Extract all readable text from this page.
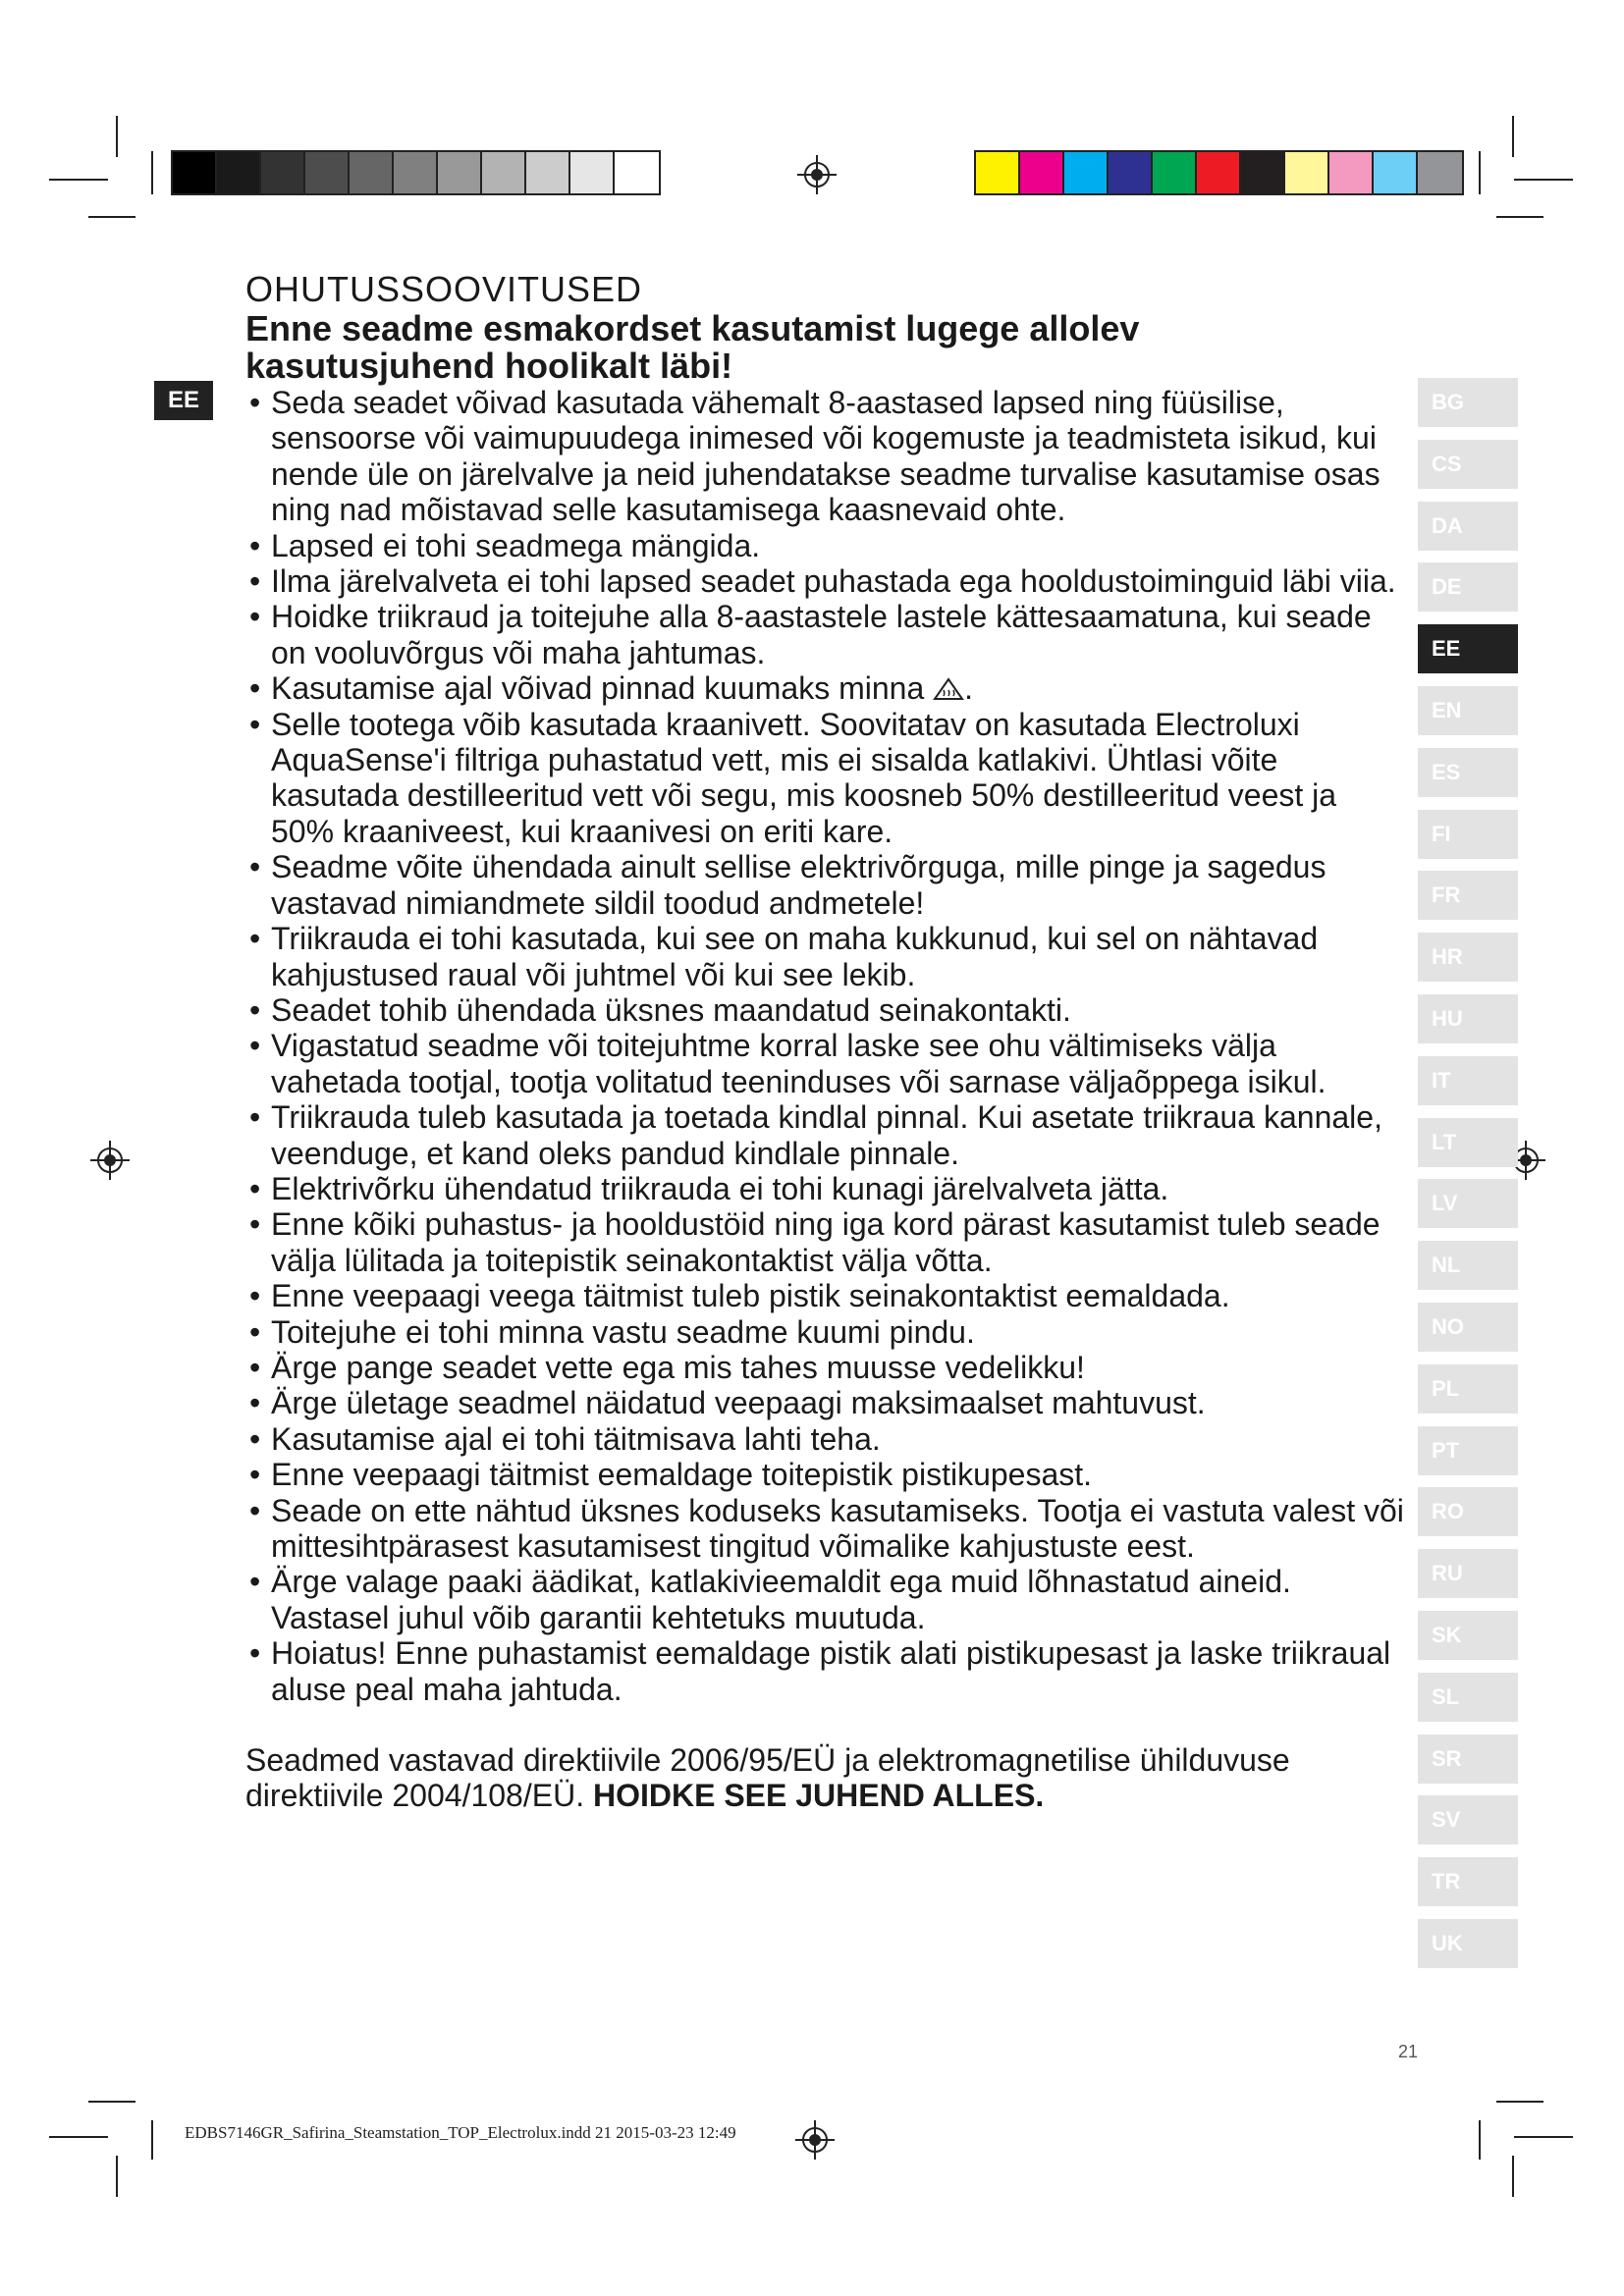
OHUTUSSOOVITUSED
Enne seadme esmakordset kasutamist lugege allolev kasutusjuhend hoolikalt läbi!
EE
•	Seda seadet võivad kasutada vähemalt 8-aastased lapsed ning füüsilise, sensoorse või vaimupuudega inimesed või kogemuste ja teadmisteta isikud, kui nende üle on järelvalve ja neid juhendatakse seadme turvalise kasutamise osas ning nad mõistavad selle kasutamisega kaasnevaid ohte.
• Lapsed ei tohi seadmega mängida.
• Ilma järelvalveta ei tohi lapsed seadet puhastada ega hooldustoiminguid läbi viia.
• Hoidke triikraud ja toitejuhe alla 8-aastastele lastele kättesaamatuna, kui seade on vooluvõrgus või maha jahtumas.
• Kasutamise ajal võivad pinnad kuumaks minna .
• Selle tootega võib kasutada kraanivett. Soovitatav on kasutada Electroluxi AquaSense'i filtriga puhastatud vett, mis ei sisalda katlakivi. Ühtlasi võite kasutada destilleeritud vett või segu, mis koosneb 50% destilleeritud veest ja 50% kraaniveest, kui kraanivesi on eriti kare.
• Seadme võite ühendada ainult sellise elektrivõrguga, mille pinge ja sagedus vastavad nimiandmete sildil toodud andmetele!
• Triikrauda ei tohi kasutada, kui see on maha kukkunud, kui sel on nähtavad kahjustused raual või juhtmel või kui see lekib.
• Seadet tohib ühendada üksnes maandatud seinakontakti.
• Vigastatud seadme või toitejuhtme korral laske see ohu vältimiseks välja vahetada tootjal, tootja volitatud teeninduses või sarnase väljaõppega isikul.
• Triikrauda tuleb kasutada ja toetada kindlal pinnal. Kui asetate triikraua kannale, veenduge, et kand oleks pandud kindlale pinnale.
• Elektrivõrku ühendatud triikrauda ei tohi kunagi järelvalveta jätta.
• Enne kõiki puhastus- ja hooldustöid ning iga kord pärast kasutamist tuleb seade välja lülitada ja toitepistik seinakontaktist välja võtta.
• Enne veepaagi veega täitmist tuleb pistik seinakontaktist eemaldada.
• Toitejuhe ei tohi minna vastu seadme kuumi pindu.
• Ärge pange seadet vette ega mis tahes muusse vedelikku!
• Ärge ületage seadmel näidatud veepaagi maksimaalset mahtuvust.
• Kasutamise ajal ei tohi täitmisava lahti teha.
• Enne veepaagi täitmist eemaldage toitepistik pistikupesast.
• Seade on ette nähtud üksnes koduseks kasutamiseks. Tootja ei vastuta valest või mittesihtpärasest kasutamisest tingitud võimalike kahjustuste eest.
• Ärge valage paaki äädikat, katlakivieemaldit ega muid lõhnastatud aineid. Vastasel juhul võib garantii kehtetuks muutuda.
• Hoiatus! Enne puhastamist eemaldage pistik alati pistikupesast ja laske triikraual aluse peal maha jahtuda.
Seadmed vastavad direktiivile 2006/95/EÜ ja elektromagnetilise ühilduvuse direktiivile 2004/108/EÜ. HOIDKE SEE JUHEND ALLES.
BG
CS
DA
DE
EE
EN
ES
FI
FR
HR
HU
IT
LT
LV
NL
NO
PL
PT
RO
RU
SK
SL
SR
SV
TR
UK
21
EDBS7146GR_Safirina_Steamstation_TOP_Electrolux.indd 21 2015-03-23 12:49
